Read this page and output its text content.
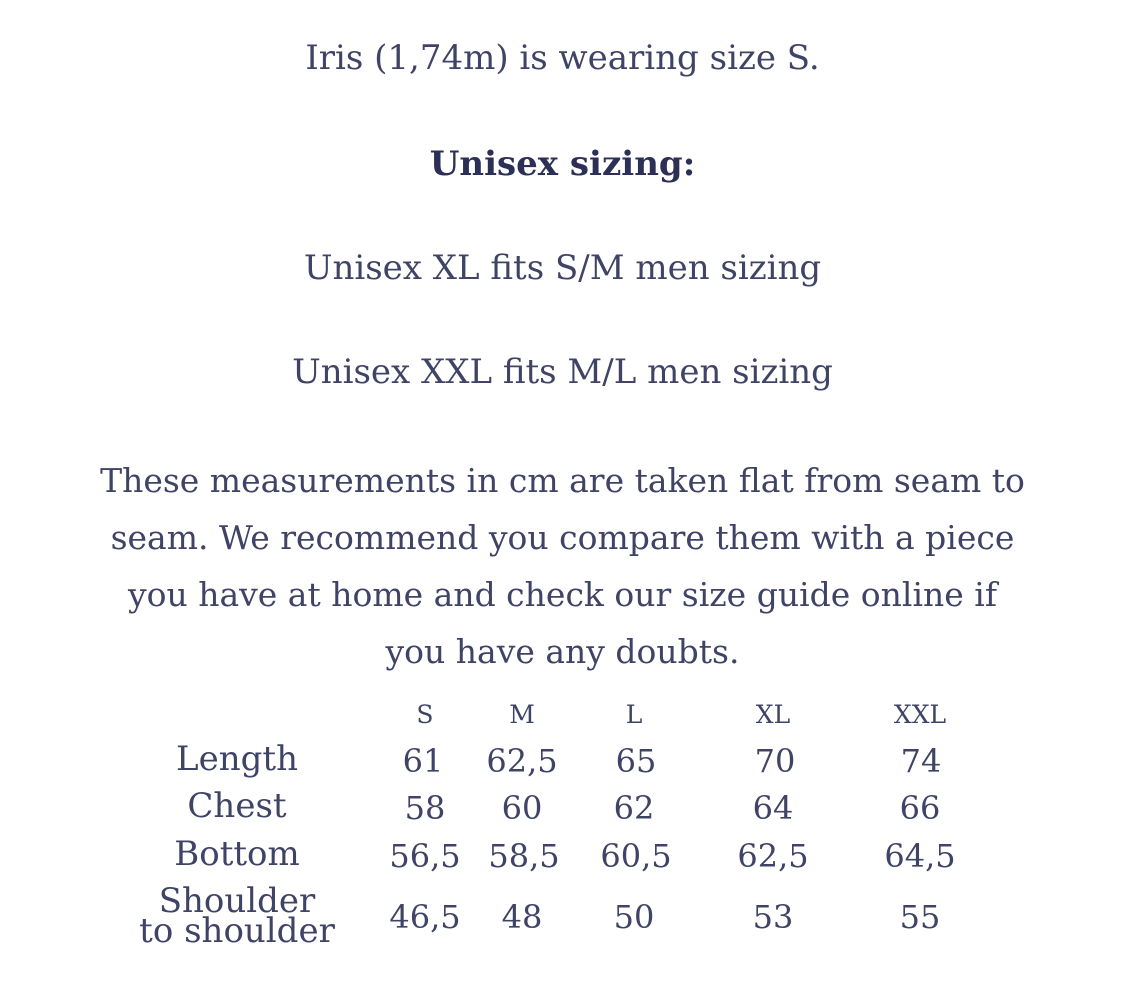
Iris (1,74m) is wearing size S.
Unisex sizing:
Unisex XL fits S/M men sizing
Unisex XXL fits M/L men sizing
These measurements in cm are taken flat from seam to seam. We recommend you compare them with a piece you have at home and check our size guide online if you have any doubts.
S	M	L	XL	XXL
Length	61 62,5 65	70	74
Chest	58 60 62	64	66
Bottom	56,5 58,5 60,5 62,5 64,5
Shoulder to shoulder 46,5 48 50	53	55
